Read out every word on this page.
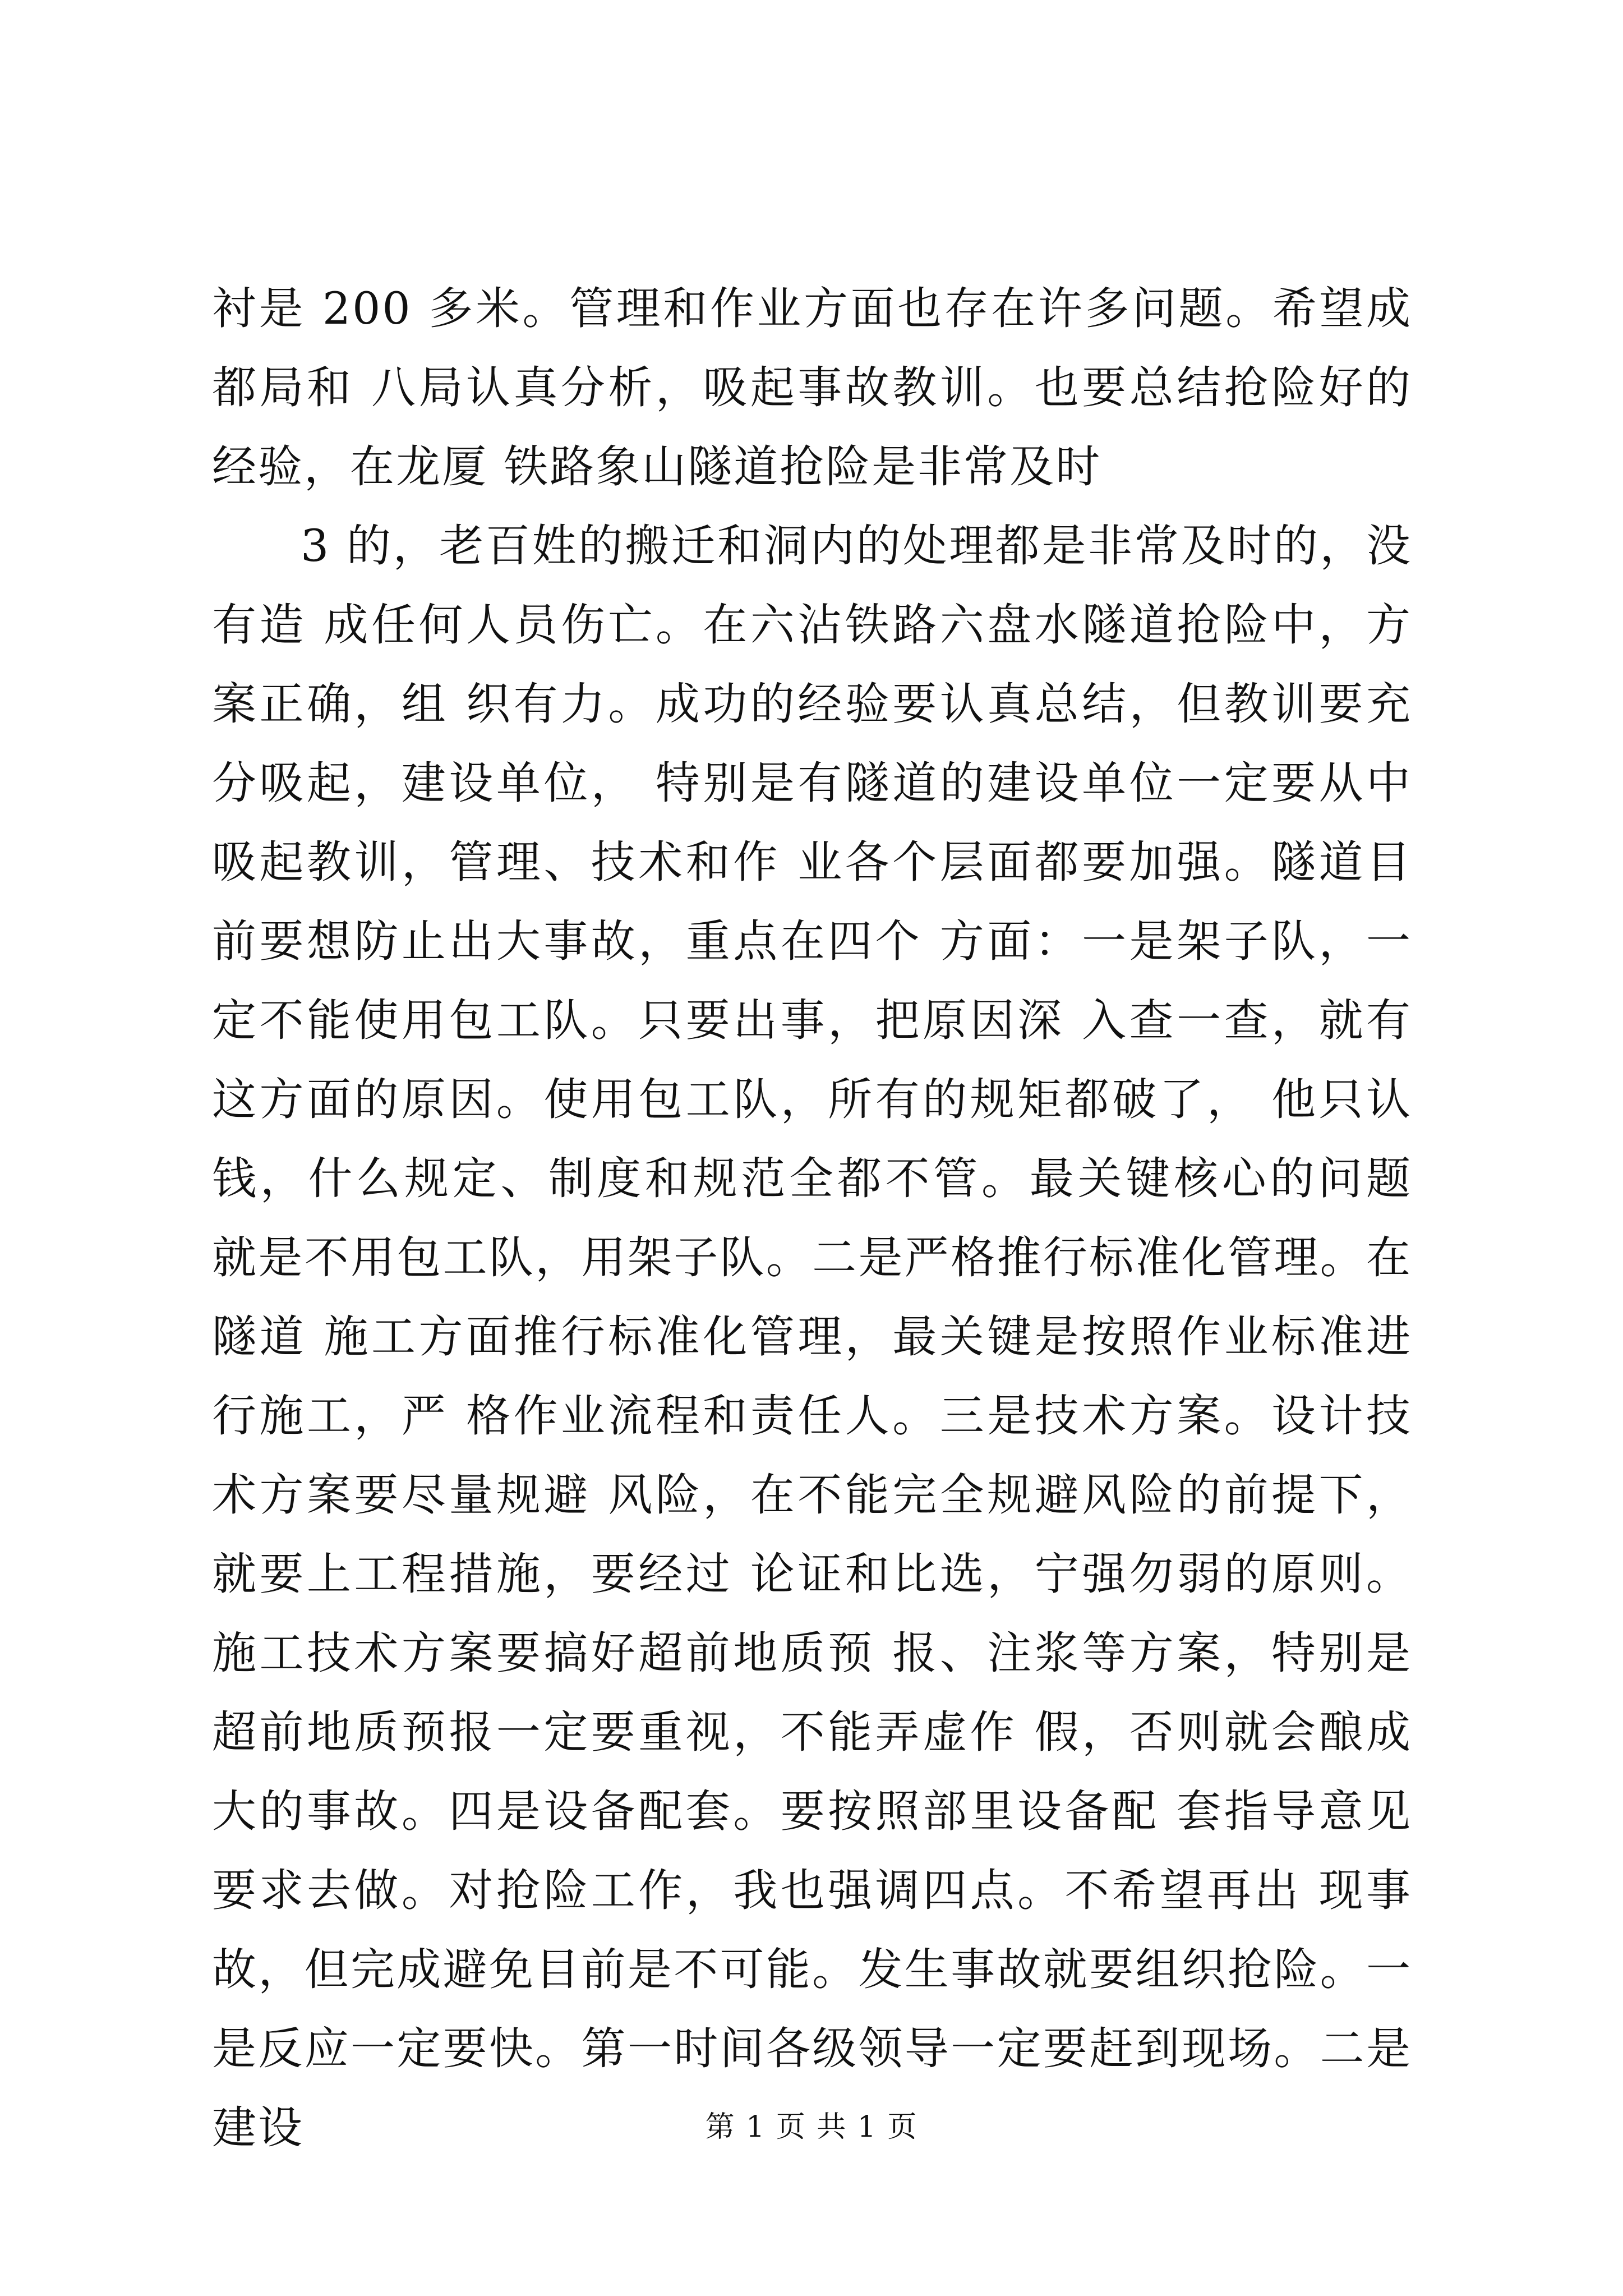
衬是 200 多米。管理和作业方面也存在许多问题。希望成都局和 八局认真分析，吸起事故教训。也要总结抢险好的经验，在龙厦 铁路象山隧道抢险是非常及时

3 的，老百姓的搬迁和洞内的处理都是非常及时的，没有造 成任何人员伤亡。在六沾铁路六盘水隧道抢险中，方案正确，组 织有力。成功的经验要认真总结，但教训要充分吸起，建设单位， 特别是有隧道的建设单位一定要从中吸起教训，管理、技术和作 业各个层面都要加强。隧道目前要想防止出大事故，重点在四个 方面：一是架子队，一定不能使用包工队。只要出事，把原因深 入查一查，就有这方面的原因。使用包工队，所有的规矩都破了， 他只认钱，什么规定、制度和规范全都不管。最关键核心的问题 就是不用包工队，用架子队。二是严格推行标准化管理。在隧道 施工方面推行标准化管理，最关键是按照作业标准进行施工，严 格作业流程和责任人。三是技术方案。设计技术方案要尽量规避 风险，在不能完全规避风险的前提下，就要上工程措施，要经过 论证和比选，宁强勿弱的原则。施工技术方案要搞好超前地质预 报、注浆等方案，特别是超前地质预报一定要重视，不能弄虚作 假，否则就会酿成大的事故。四是设备配套。要按照部里设备配 套指导意见要求去做。对抢险工作，我也强调四点。不希望再出 现事故，但完成避免目前是不可能。发生事故就要组织抢险。一 是反应一定要快。第一时间各级领导一定要赶到现场。二是建设	第 1 页 共 1 页
